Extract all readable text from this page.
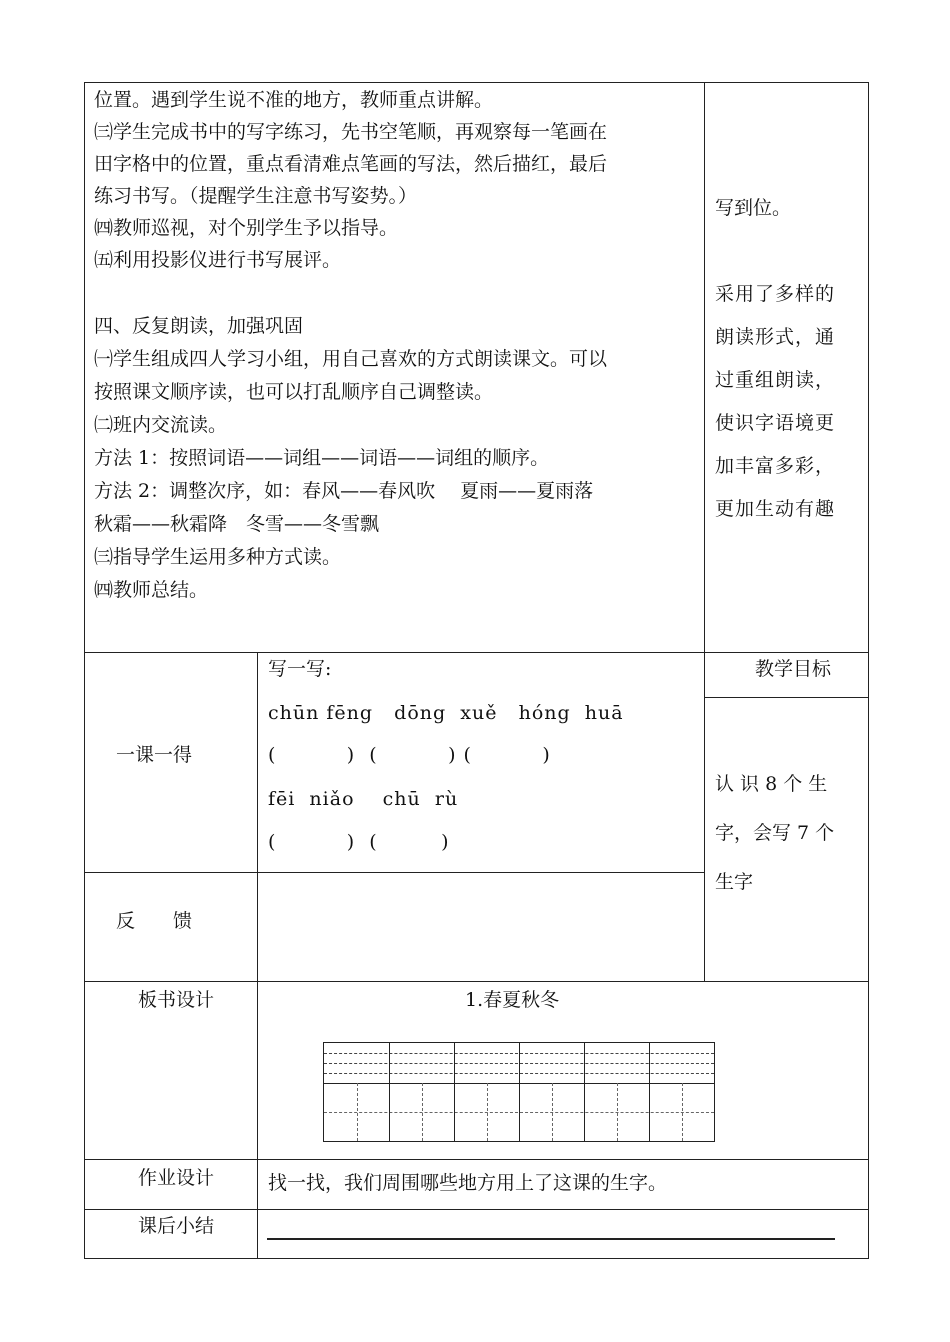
位置。遇到学生说不准的地方，教师重点讲解。
㈢学生完成书中的写字练习，先书空笔顺，再观察每一笔画在
田字格中的位置，重点看清难点笔画的写法，然后描红，最后
练习书写。（提醒学生注意书写姿势。）
㈣教师巡视，对个别学生予以指导。
㈤利用投影仪进行书写展评。
四、反复朗读，加强巩固
㈠学生组成四人学习小组，用自己喜欢的方式朗读课文。可以
按照课文顺序读，也可以打乱顺序自己调整读。
㈡班内交流读。
方法 1：按照词语——词组——词语——词组的顺序。
方法 2：调整次序，如：春风——春风吹　 夏雨——夏雨落
秋霜——秋霜降　冬雪——冬雪飘
㈢指导学生运用多种方式读。
㈣教师总结。
写到位。
采用了多样的
朗读形式，通
过重组朗读，
使识字语境更
加丰富多彩，
更加生动有趣
一课一得
写一写:
chūn fēng   dōng  xuě   hóng  huā
(          )  (          ) (          )
fēi  niǎo    chū  rù
(          )  (         )
教学目标
认 识 8 个 生
字，会写 7 个
生字
反　　馈
板书设计	1.春夏秋冬
作业设计	找一找，我们周围哪些地方用上了这课的生字。
课后小结
